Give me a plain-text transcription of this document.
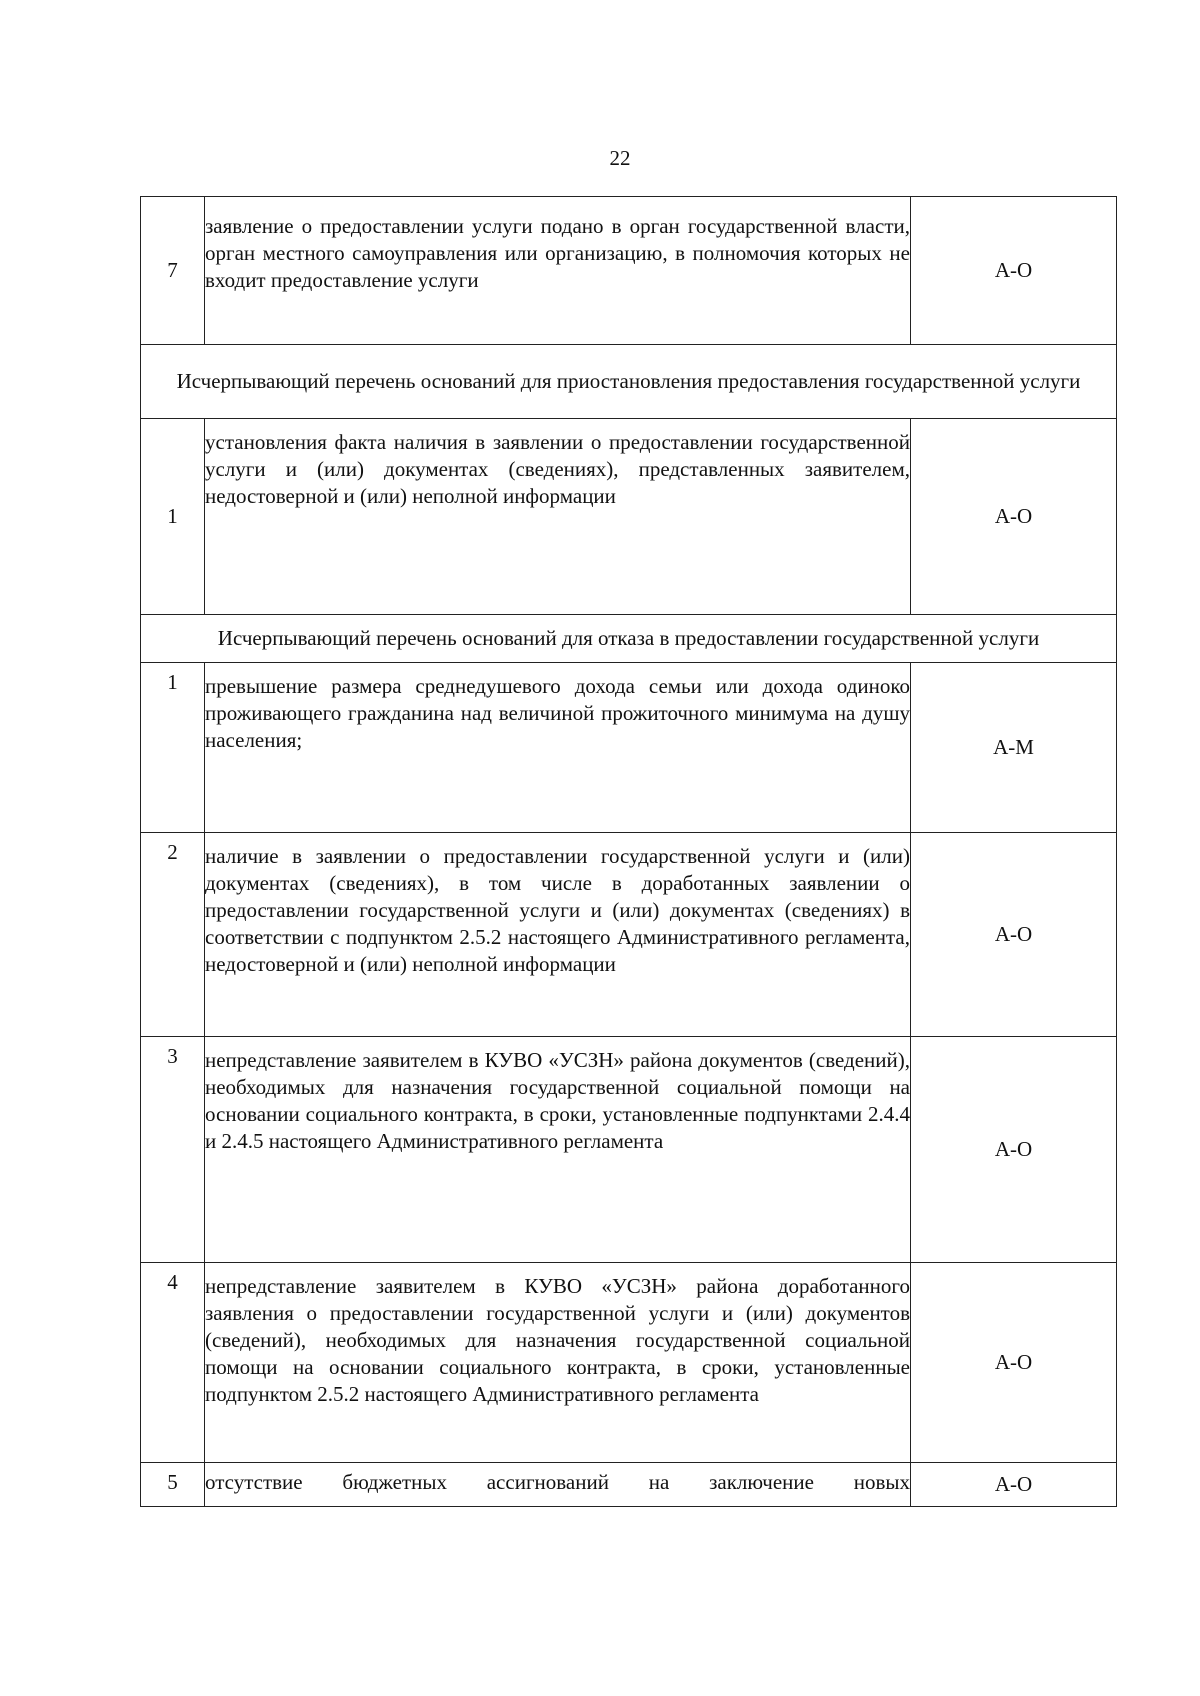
22
7	заявление о предоставлении услуги подано в орган государственной власти, орган местного самоуправления или организацию, в полномочия которых не входит предоставление услуги	А-О
Исчерпывающий перечень оснований для приостановления предоставления государственной услуги		
1	установления факта наличия в заявлении о предоставлении государственной услуги и (или) документах (сведениях), представленных заявителем, недостоверной и (или) неполной информации	А-О
Исчерпывающий перечень оснований для отказа в предоставлении государственной услуги		
1	превышение размера среднедушевого дохода семьи или дохода одиноко проживающего гражданина над величиной прожиточного минимума на душу населения;	А-М
2	наличие в заявлении о предоставлении государственной услуги и (или) документах (сведениях), в том числе в доработанных заявлении о предоставлении государственной услуги и (или) документах (сведениях) в соответствии с подпунктом 2.5.2 настоящего Административного регламента, недостоверной и (или) неполной информации	А-О
3	непредставление заявителем в КУВО «УСЗН» района документов (сведений), необходимых для назначения государственной социальной помощи на основании социального контракта, в сроки, установленные подпунктами 2.4.4 и 2.4.5 настоящего Административного регламента	А-О
4	непредставление заявителем в КУВО «УСЗН» района доработанного заявления о предоставлении государственной услуги и (или) документов (сведений), необходимых для назначения государственной социальной помощи на основании социального контракта, в сроки, установленные подпунктом 2.5.2 настоящего Административного регламента	А-О
5	отсутствие бюджетных ассигнований на заключение новых	А-О
